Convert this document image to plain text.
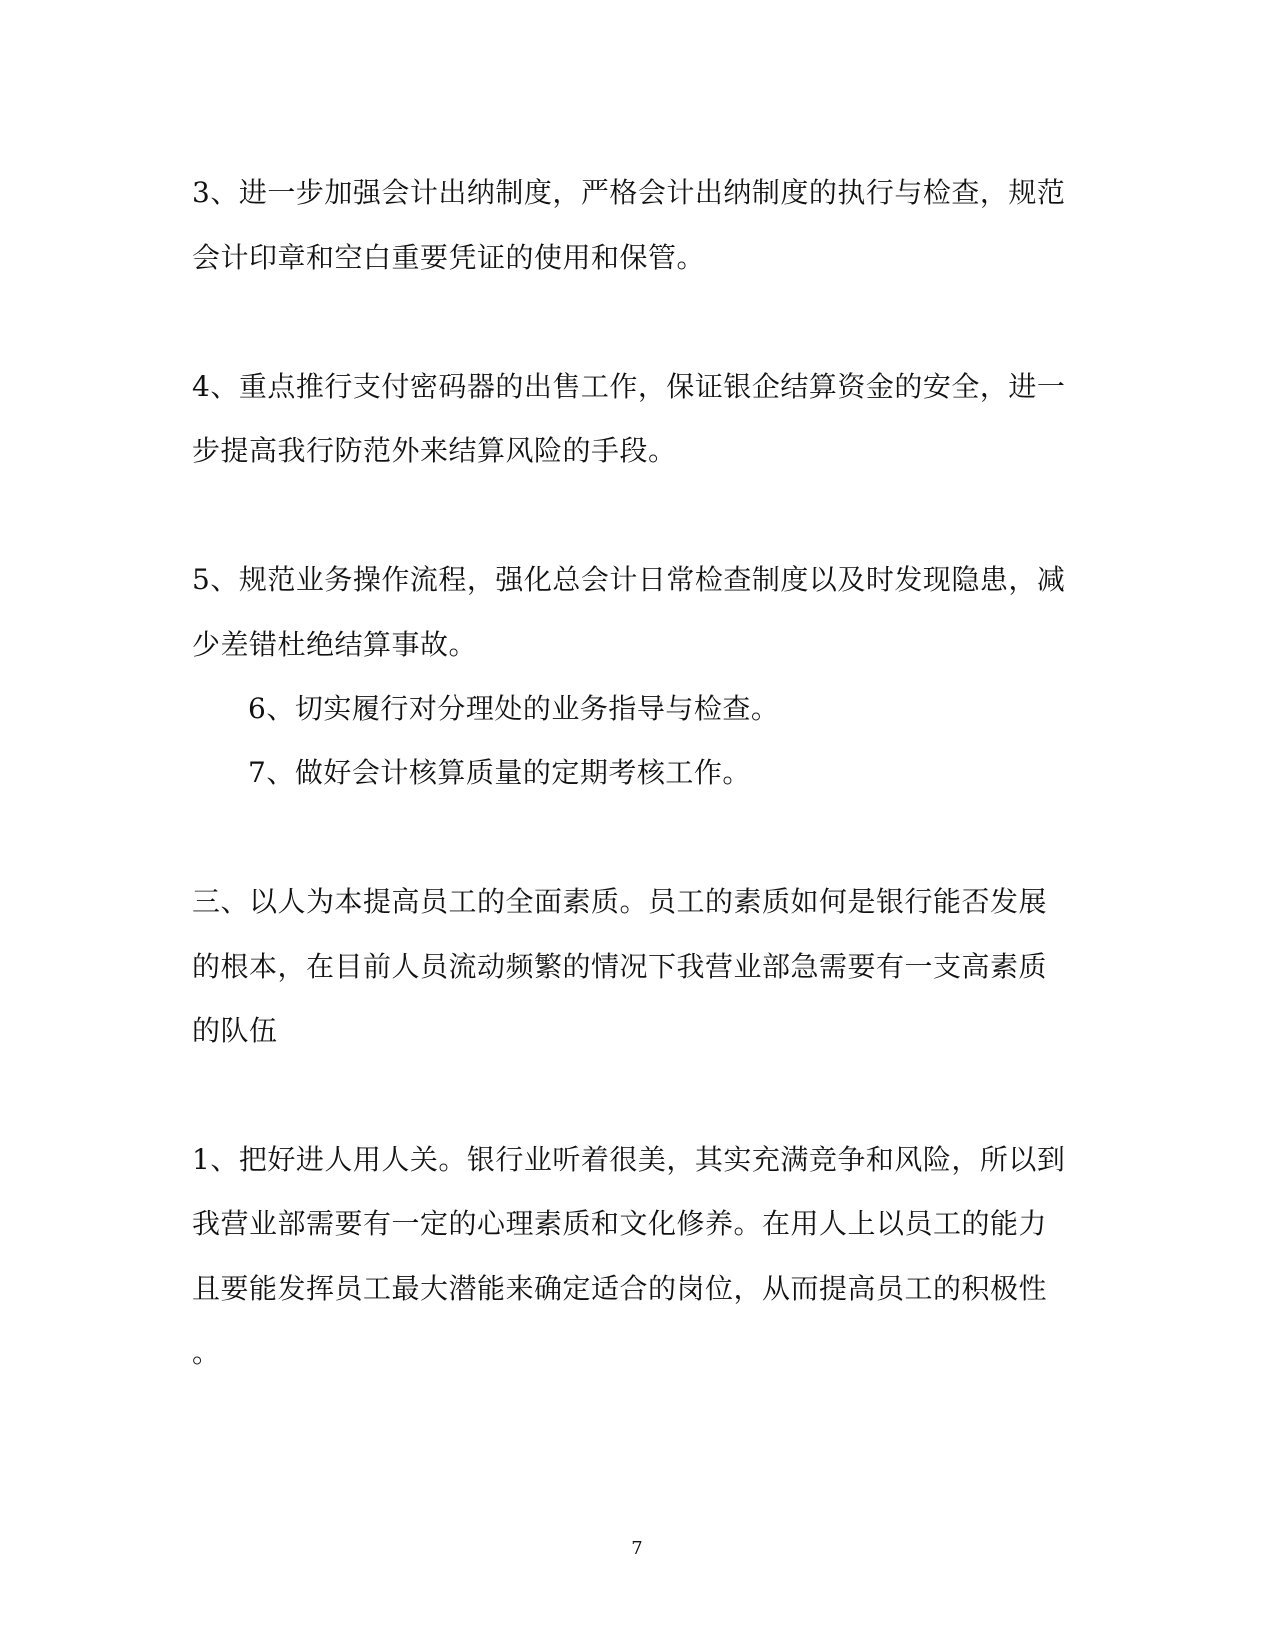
3、进一步加强会计出纳制度，严格会计出纳制度的执行与检查，规范
会计印章和空白重要凭证的使用和保管。
4、重点推行支付密码器的出售工作，保证银企结算资金的安全，进一
步提高我行防范外来结算风险的手段。
5、规范业务操作流程，强化总会计日常检查制度以及时发现隐患，减
少差错杜绝结算事故。
6、切实履行对分理处的业务指导与检查。
7、做好会计核算质量的定期考核工作。
三、以人为本提高员工的全面素质。员工的素质如何是银行能否发展
的根本，在目前人员流动频繁的情况下我营业部急需要有一支高素质
的队伍
1、把好进人用人关。银行业听着很美，其实充满竞争和风险，所以到
我营业部需要有一定的心理素质和文化修养。在用人上以员工的能力
且要能发挥员工最大潜能来确定适合的岗位，从而提高员工的积极性
。
7
